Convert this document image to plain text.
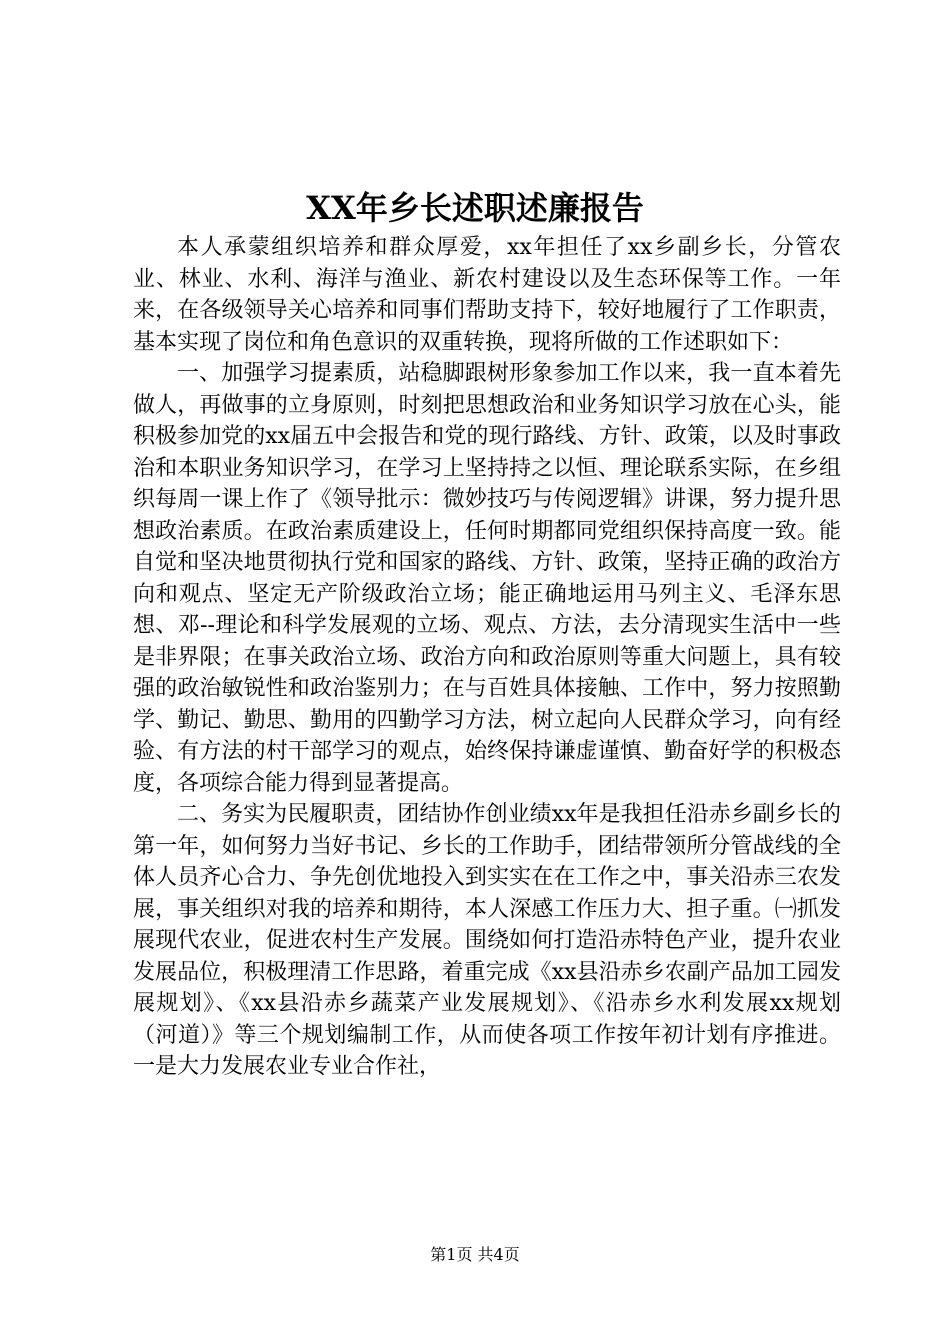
XX年乡长述职述廉报告

本人承蒙组织培养和群众厚爱，xx年担任了xx乡副乡长，分管农业、林业、水利、海洋与渔业、新农村建设以及生态环保等工作。一年来，在各级领导关心培养和同事们帮助支持下，较好地履行了工作职责，基本实现了岗位和角色意识的双重转换，现将所做的工作述职如下：

一、加强学习提素质，站稳脚跟树形象参加工作以来，我一直本着先做人，再做事的立身原则，时刻把思想政治和业务知识学习放在心头，能积极参加党的xx届五中会报告和党的现行路线、方针、政策，以及时事政治和本职业务知识学习，在学习上坚持持之以恒、理论联系实际，在乡组织每周一课上作了《领导批示：微妙技巧与传阅逻辑》讲课，努力提升思想政治素质。在政治素质建设上，任何时期都同党组织保持高度一致。能自觉和坚决地贯彻执行党和国家的路线、方针、政策，坚持正确的政治方向和观点、坚定无产阶级政治立场；能正确地运用马列主义、毛泽东思想、邓--理论和科学发展观的立场、观点、方法，去分清现实生活中一些是非界限；在事关政治立场、政治方向和政治原则等重大问题上，具有较强的政治敏锐性和政治鉴别力；在与百姓具体接触、工作中，努力按照勤学、勤记、勤思、勤用的四勤学习方法，树立起向人民群众学习，向有经验、有方法的村干部学习的观点，始终保持谦虚谨慎、勤奋好学的积极态度，各项综合能力得到显著提高。

二、务实为民履职责，团结协作创业绩xx年是我担任沿赤乡副乡长的第一年，如何努力当好书记、乡长的工作助手，团结带领所分管战线的全体人员齐心合力、争先创优地投入到实实在在工作之中，事关沿赤三农发展，事关组织对我的培养和期待，本人深感工作压力大、担子重。㈠抓发展现代农业，促进农村生产发展。围绕如何打造沿赤特色产业，提升农业发展品位，积极理清工作思路，着重完成《xx县沿赤乡农副产品加工园发展规划》、《xx县沿赤乡蔬菜产业发展规划》、《沿赤乡水利发展xx规划（河道）》等三个规划编制工作，从而使各项工作按年初计划有序推进。一是大力发展农业专业合作社，

第1页 共4页
